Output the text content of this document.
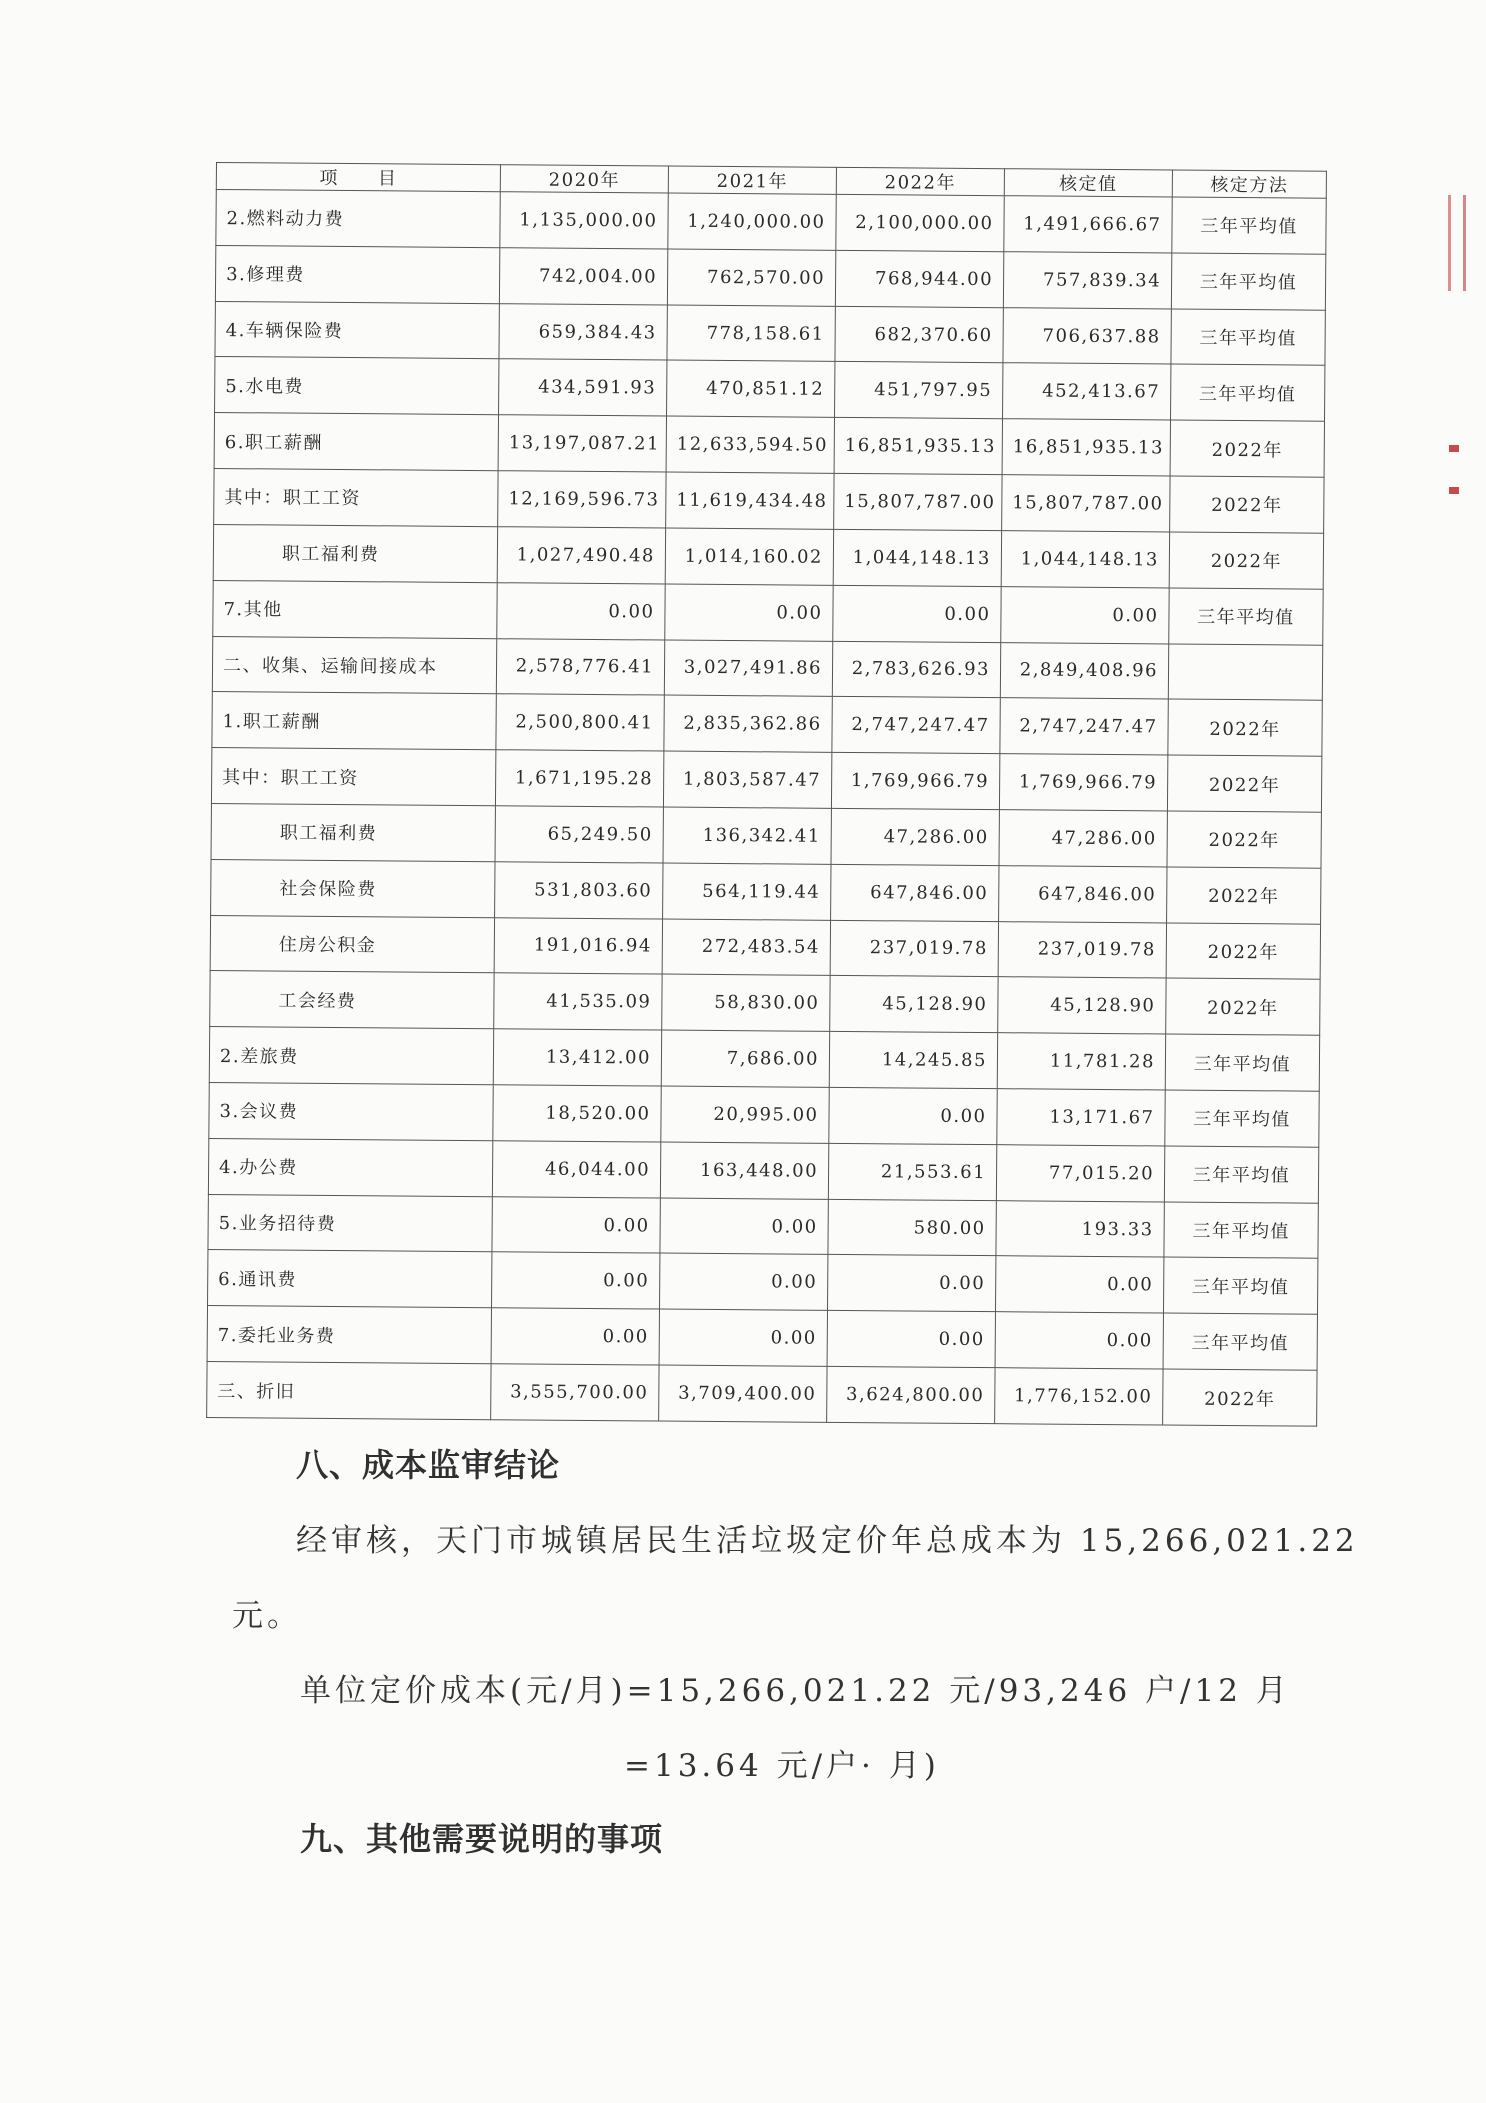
项　　目	2020年	2021年	2022年	核定值	核定方法
2.燃料动力费	1,135,000.00	1,240,000.00	2,100,000.00	1,491,666.67	三年平均值
3.修理费	742,004.00	762,570.00	768,944.00	757,839.34	三年平均值
4.车辆保险费	659,384.43	778,158.61	682,370.60	706,637.88	三年平均值
5.水电费	434,591.93	470,851.12	451,797.95	452,413.67	三年平均值
6.职工薪酬	13,197,087.21	12,633,594.50	16,851,935.13	16,851,935.13	2022年
其中：职工工资	12,169,596.73	11,619,434.48	15,807,787.00	15,807,787.00	2022年
职工福利费	1,027,490.48	1,014,160.02	1,044,148.13	1,044,148.13	2022年
7.其他	0.00	0.00	0.00	0.00	三年平均值
二、收集、运输间接成本	2,578,776.41	3,027,491.86	2,783,626.93	2,849,408.96	
1.职工薪酬	2,500,800.41	2,835,362.86	2,747,247.47	2,747,247.47	2022年
其中：职工工资	1,671,195.28	1,803,587.47	1,769,966.79	1,769,966.79	2022年
职工福利费	65,249.50	136,342.41	47,286.00	47,286.00	2022年
社会保险费	531,803.60	564,119.44	647,846.00	647,846.00	2022年
住房公积金	191,016.94	272,483.54	237,019.78	237,019.78	2022年
工会经费	41,535.09	58,830.00	45,128.90	45,128.90	2022年
2.差旅费	13,412.00	7,686.00	14,245.85	11,781.28	三年平均值
3.会议费	18,520.00	20,995.00	0.00	13,171.67	三年平均值
4.办公费	46,044.00	163,448.00	21,553.61	77,015.20	三年平均值
5.业务招待费	0.00	0.00	580.00	193.33	三年平均值
6.通讯费	0.00	0.00	0.00	0.00	三年平均值
7.委托业务费	0.00	0.00	0.00	0.00	三年平均值
三、折旧	3,555,700.00	3,709,400.00	3,624,800.00	1,776,152.00	2022年
八、成本监审结论
经审核，天门市城镇居民生活垃圾定价年总成本为 15,266,021.22
元。
单位定价成本(元/月)=15,266,021.22 元/93,246 户/12 月
=13.64 元/户· 月)
九、其他需要说明的事项
